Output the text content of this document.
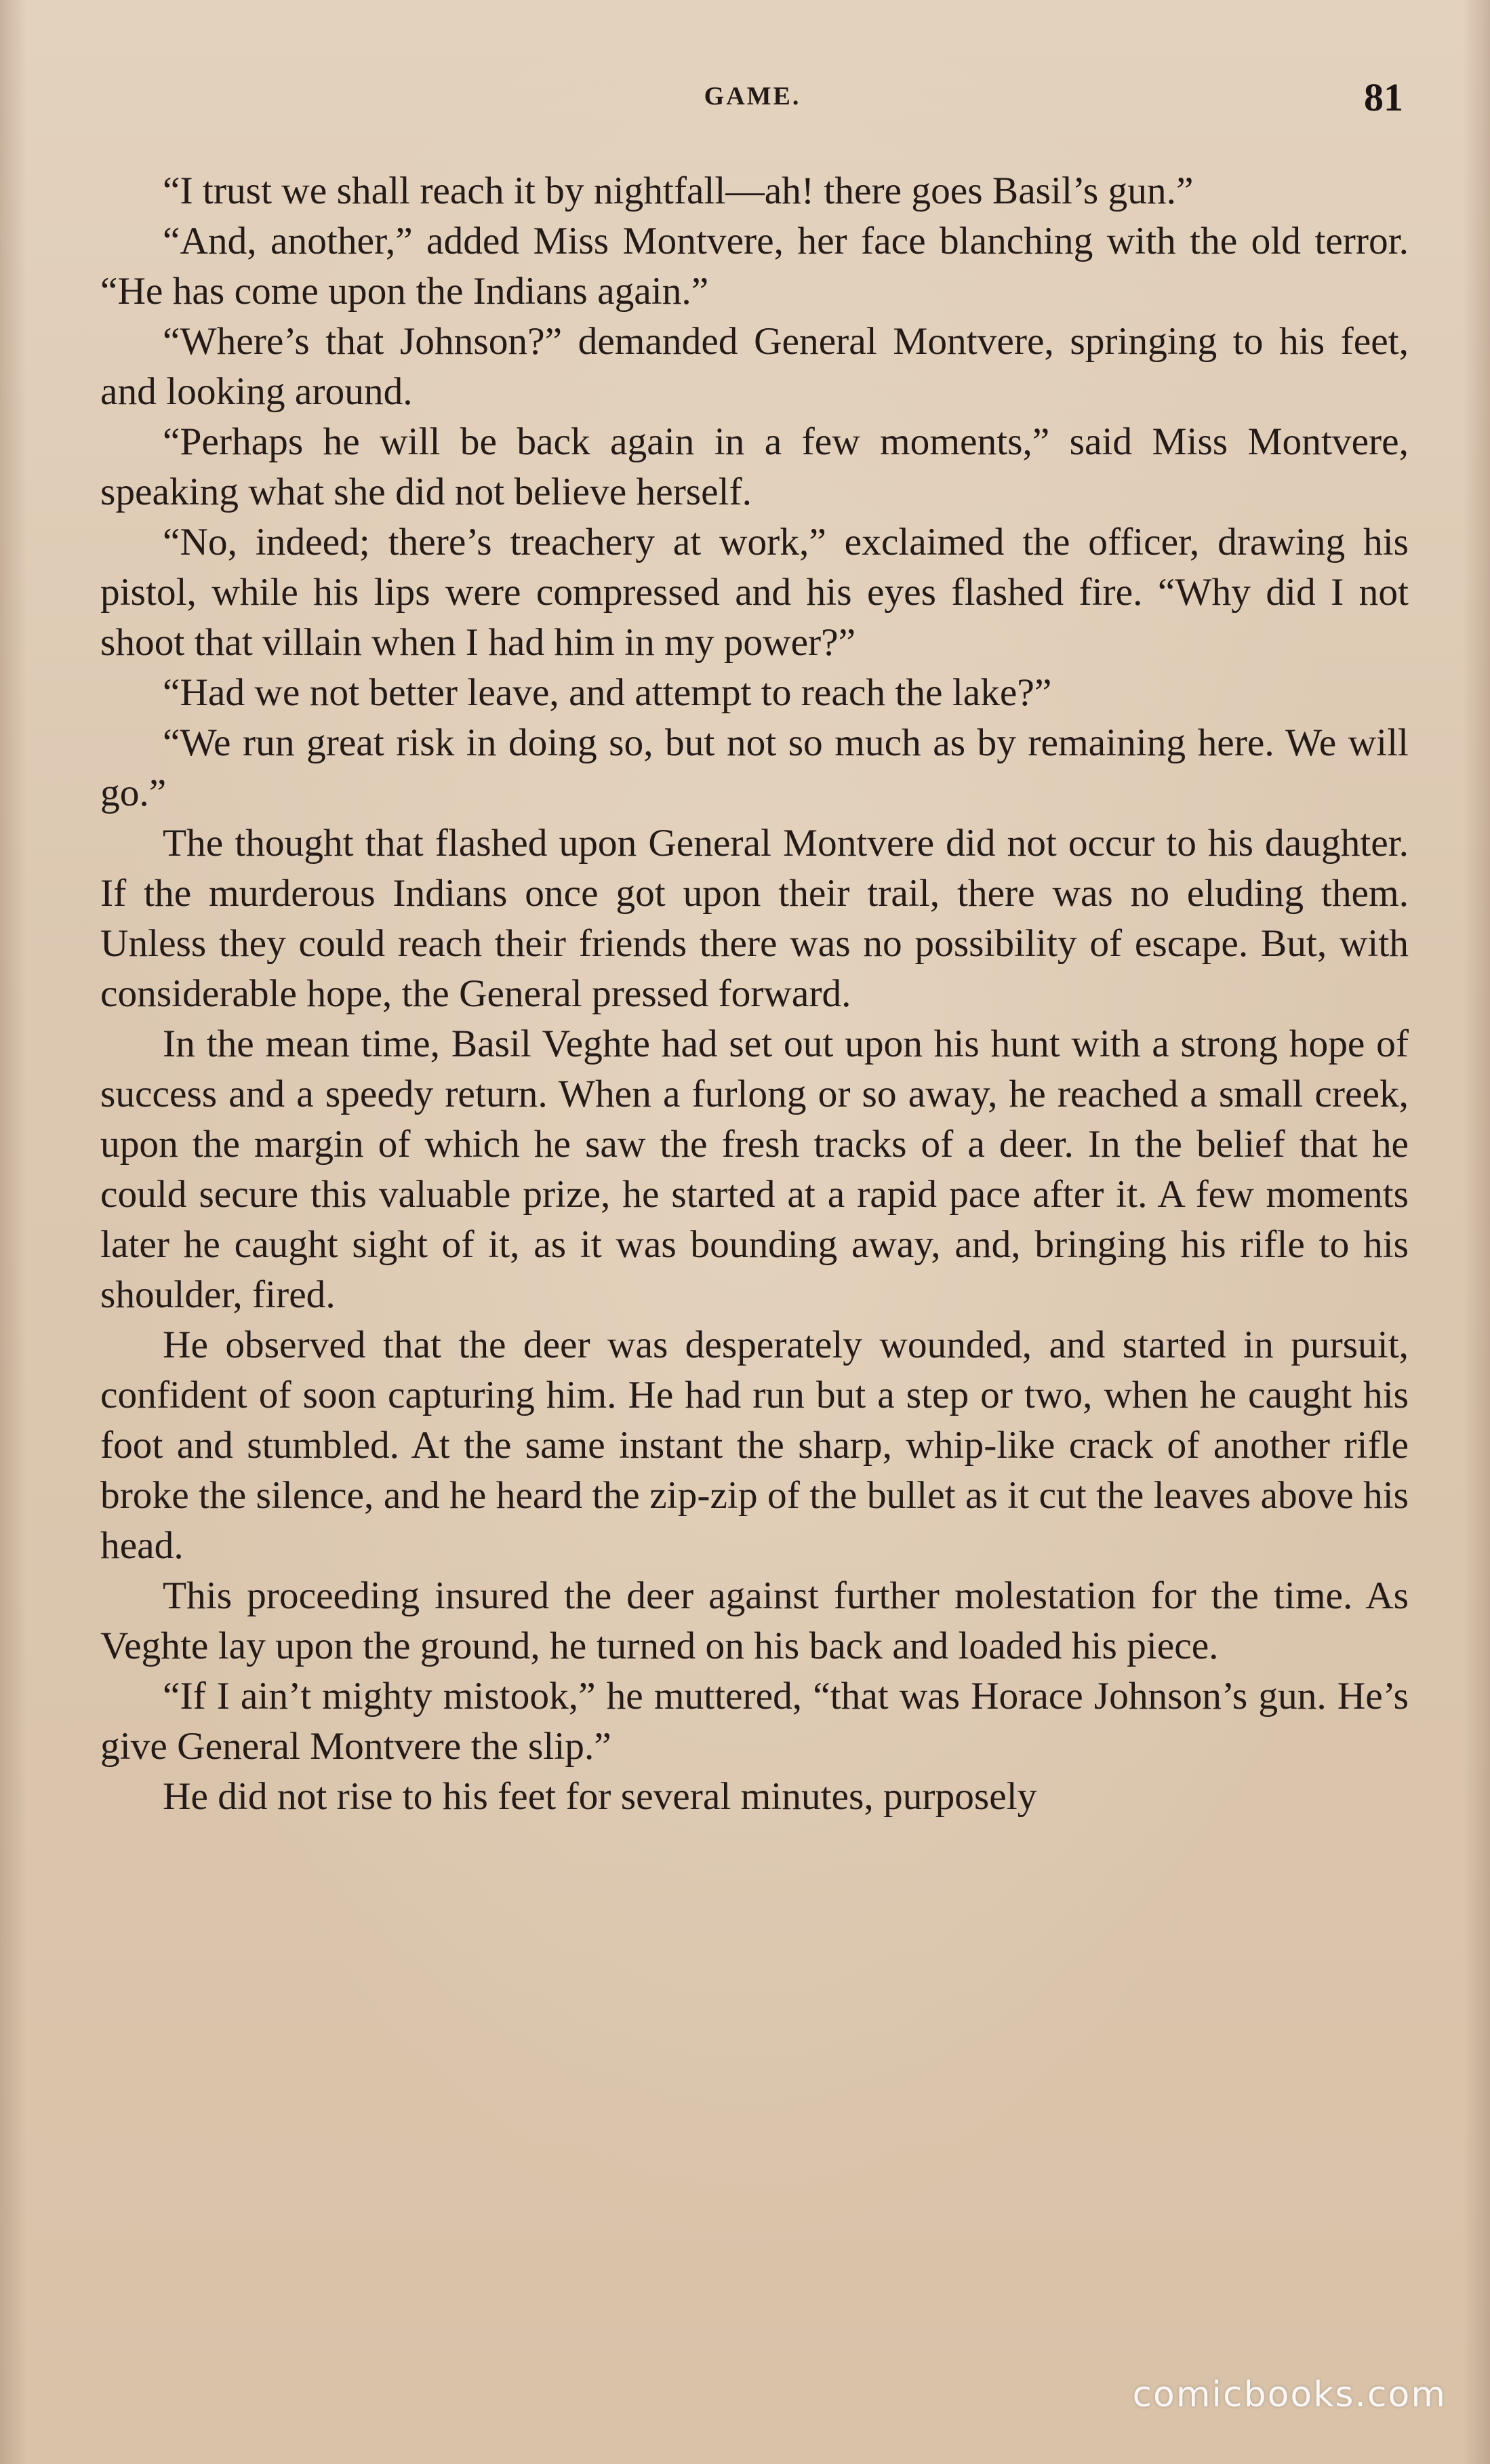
GAME.	81

“I trust we shall reach it by nightfall—ah! there goes Basil’s gun.”

“And, another,” added Miss Montvere, her face blanching with the old terror. “He has come upon the Indians again.”

“Where’s that Johnson?” demanded General Montvere, springing to his feet, and looking around.

“Perhaps he will be back again in a few moments,” said Miss Montvere, speaking what she did not believe herself.

“No, indeed; there’s treachery at work,” exclaimed the officer, drawing his pistol, while his lips were compressed and his eyes flashed fire. “Why did I not shoot that villain when I had him in my power?”

“Had we not better leave, and attempt to reach the lake?”

“We run great risk in doing so, but not so much as by remaining here. We will go.”

The thought that flashed upon General Montvere did not occur to his daughter. If the murderous Indians once got upon their trail, there was no eluding them. Unless they could reach their friends there was no possibility of escape. But, with considerable hope, the General pressed forward.

In the mean time, Basil Veghte had set out upon his hunt with a strong hope of success and a speedy return. When a furlong or so away, he reached a small creek, upon the margin of which he saw the fresh tracks of a deer. In the belief that he could secure this valuable prize, he started at a rapid pace after it. A few moments later he caught sight of it, as it was bounding away, and, bringing his rifle to his shoulder, fired.

He observed that the deer was desperately wounded, and started in pursuit, confident of soon capturing him. He had run but a step or two, when he caught his foot and stumbled. At the same instant the sharp, whip-like crack of another rifle broke the silence, and he heard the zip-zip of the bullet as it cut the leaves above his head.

This proceeding insured the deer against further molestation for the time. As Veghte lay upon the ground, he turned on his back and loaded his piece.

“If I ain’t mighty mistook,” he muttered, “that was Horace Johnson’s gun. He’s give General Montvere the slip.”

He did not rise to his feet for several minutes, purposely

comicbooks.com
